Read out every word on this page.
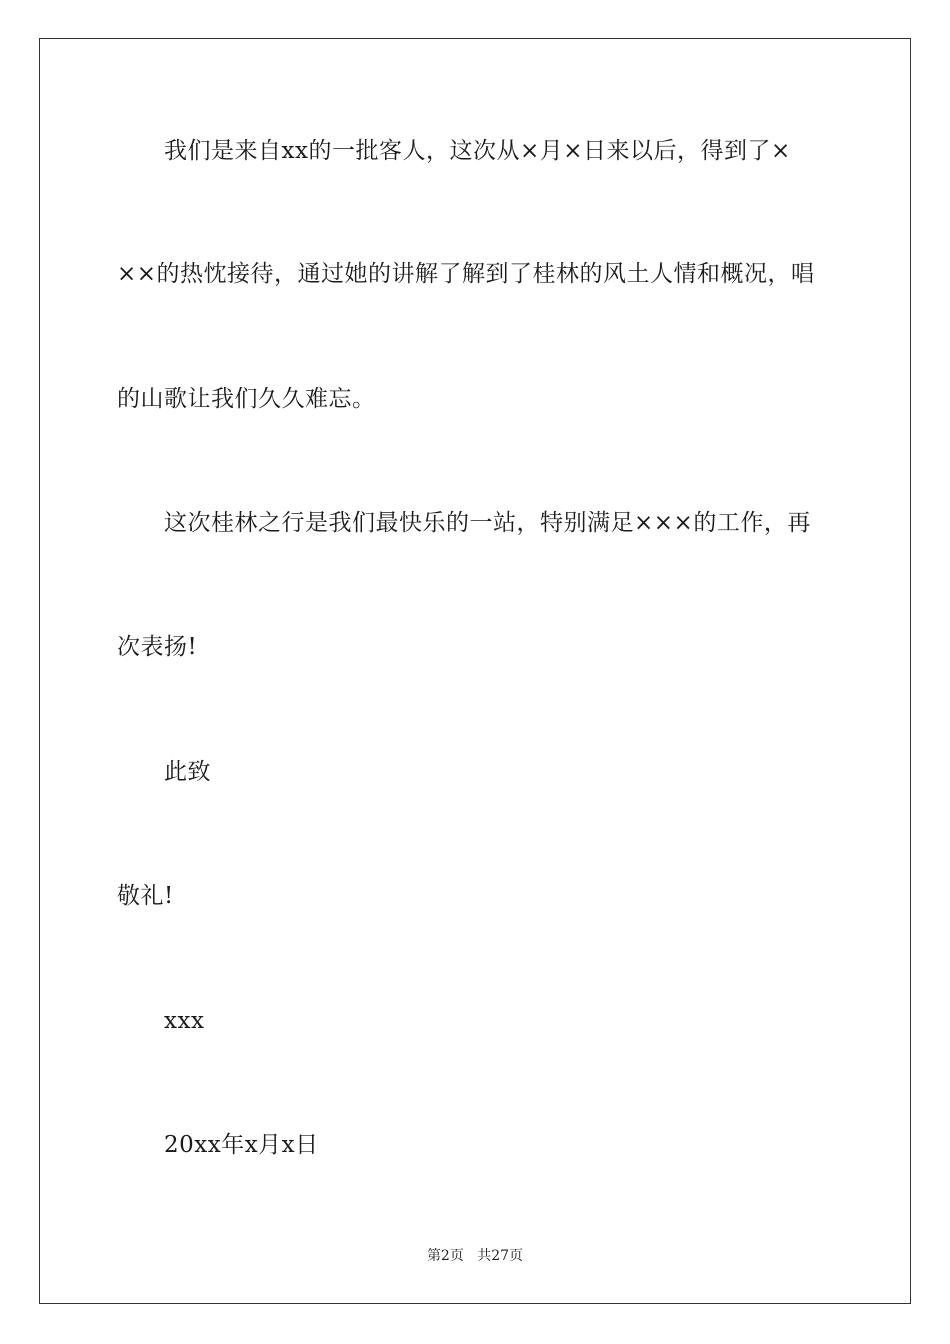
我们是来自xx的一批客人，这次从×月×日来以后，得到了×
××的热忱接待，通过她的讲解了解到了桂林的风土人情和概况，唱
的山歌让我们久久难忘。
这次桂林之行是我们最快乐的一站，特别满足×××的工作，再
次表扬!
此致
敬礼!
xxx
20xx年x月x日
第2页 共27页
